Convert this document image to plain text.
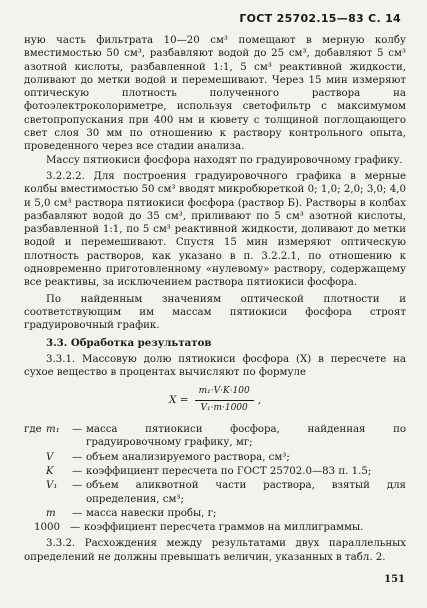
ГОСТ 25702.15—83 С. 14

ную часть фильтрата 10—20 см³ помещают в мерную колбу вместимостью 50 см³, разбавляют водой до 25 см³, добавляют 5 см³ азотной кислоты, разбавленной 1:1, 5 см³ реактивной жидкости, доливают до метки водой и перемешивают. Через 15 мин измеряют оптическую плотность полученного раствора на фотоэлектроколориметре, используя светофильтр с максимумом светопропускания при 400 нм и кювету с толщиной поглощающего свет слоя 30 мм по отношению к раствору контрольного опыта, проведенного через все стадии анализа.

Массу пятиокиси фосфора находят по градуировочному графику.

3.2.2.2. Для построения градуировочного графика в мерные колбы вместимостью 50 см³ вводят микробюреткой 0; 1,0; 2,0; 3,0; 4,0 и 5,0 см³ раствора пятиокиси фосфора (раствор Б). Растворы в колбах разбавляют водой до 35 см³, приливают по 5 см³ азотной кислоты, разбавленной 1:1, по 5 см³ реактивной жидкости, доливают до метки водой и перемешивают. Спустя 15 мин измеряют оптическую плотность растворов, как указано в п. 3.2.2.1, по отношению к одновременно приготовленному «нулевому» раствору, содержащему все реактивы, за исключением раствора пятиокиси фосфора.

По найденным значениям оптической плотности и соответствующим им массам пятиокиси фосфора строят градуировочный график.

3.3. Обработка результатов

3.3.1. Массовую долю пятиокиси фосфора (X) в пересчете на сухое вещество в процентах вычисляют по формуле

$X = \frac{\text{m₁·V·K·100}}{\text{V₁·m·1000}}$ ,
где m₁	— масса пятиокиси фосфора, найденная по градуировочному графику, мг;
V	— объем анализируемого раствора, см³;
K	— коэффициент пересчета по ГОСТ 25702.0—83 п. 1.5;
V₁	— объем аликвотной части раствора, взятый для определения, см³;
m	— масса навески пробы, г;
1000 — коэффициент пересчета граммов на миллиграммы.

3.3.2. Расхождения между результатами двух параллельных определений не должны превышать величин, указанных в табл. 2.

151
